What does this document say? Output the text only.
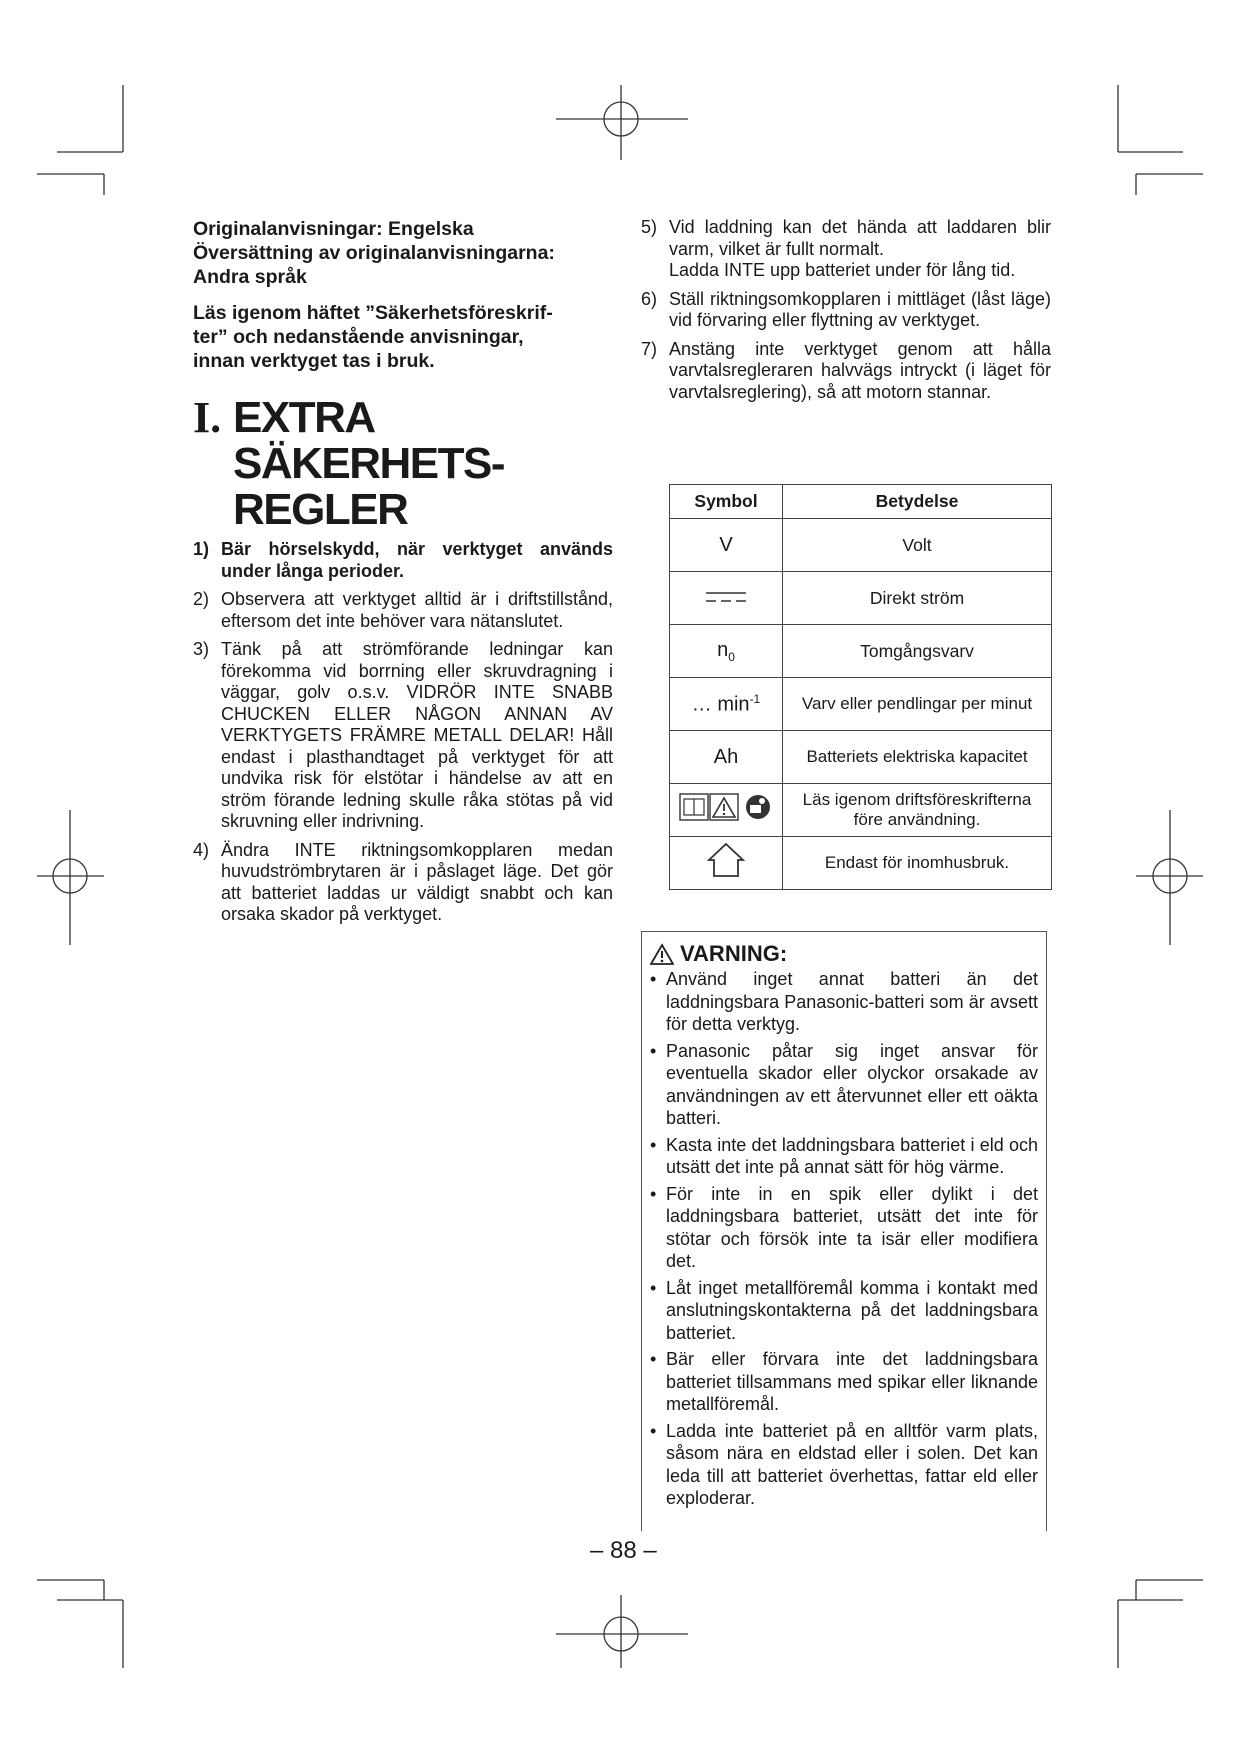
Originalanvisningar: Engelska
Översättning av originalanvisningarna:
Andra språk

Läs igenom häftet ”Säkerhetsföreskrif-
ter” och nedanstående anvisningar,
innan verktyget tas i bruk.

I. EXTRA SÄKERHETS-
REGLER
1) Bär hörselskydd, när verktyget används under långa perioder.
2) Observera att verktyget alltid är i driftstillstånd, eftersom det inte behöver vara nätanslutet.
3) Tänk på att strömförande ledningar kan förekomma vid borrning eller skruvdragning i väggar, golv o.s.v. VIDRÖR INTE SNABB CHUCKEN ELLER NÅGON ANNAN AV VERKTYGETS FRÄMRE METALL DELAR! Håll endast i plasthandtaget på verktyget för att undvika risk för elstötar i händelse av att en ström förande ledning skulle råka stötas på vid skruvning eller indrivning.
4) Ändra INTE riktningsomkopplaren medan huvudströmbrytaren är i påslaget läge. Det gör att batteriet laddas ur väldigt snabbt och kan orsaka skador på verktyget.
5) Vid laddning kan det hända att laddaren blir varm, vilket är fullt normalt.
Ladda INTE upp batteriet under för lång tid.
6) Ställ riktningsomkopplaren i mittläget (låst läge) vid förvaring eller flyttning av verktyget.
7) Anstäng inte verktyget genom att hålla varvtalsregleraren halvvägs intryckt (i läget för varvtalsreglering), så att motorn stannar.
Symbol	Betydelse
V	Volt
	Direkt ström
$n_0$	Tomgångsvarv
… $\min^{-1}$	Varv eller pendlingar per minut
Ah	Batteriets elektriska kapacitet
	Läs igenom driftsföreskrifterna före användning.
	Endast för inomhusbruk.
VARNING:
• Använd inget annat batteri än det laddningsbara Panasonic-batteri som är avsett för detta verktyg.
• Panasonic påtar sig inget ansvar för eventuella skador eller olyckor orsakade av användningen av ett återvunnet eller ett oäkta batteri.
• Kasta inte det laddningsbara batteriet i eld och utsätt det inte på annat sätt för hög värme.
• För inte in en spik eller dylikt i det laddningsbara batteriet, utsätt det inte för stötar och försök inte ta isär eller modifiera det.
• Låt inget metallföremål komma i kontakt med anslutningskontakterna på det laddningsbara batteriet.
• Bär eller förvara inte det laddningsbara batteriet tillsammans med spikar eller liknande metallföremål.
• Ladda inte batteriet på en alltför varm plats, såsom nära en eldstad eller i solen. Det kan leda till att batteriet överhettas, fattar eld eller exploderar.
– 88 –
